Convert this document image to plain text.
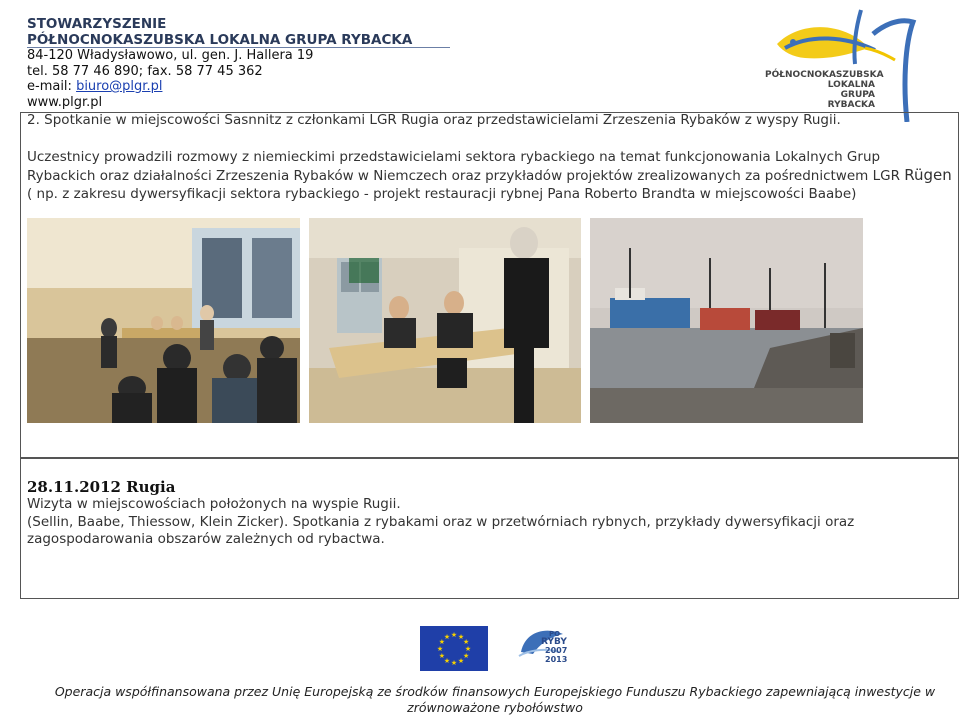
STOWARZYSZENIE
PÓŁNOCNOKASZUBSKA LOKALNA GRUPA RYBACKA
84-120 Władysławowo, ul. gen. J. Hallera 19
tel. 58 77 46 890; fax. 58 77 45 362
e-mail: biuro@plgr.pl
www.plgr.pl
PÓŁNOCNOKASZUBSKA
LOKALNA
GRUPA
RYBACKA
2. Spotkanie w miejscowości Sasnnitz z członkami LGR Rugia oraz przedstawicielami Zrzeszenia Rybaków z wyspy Rugii.
Uczestnicy prowadzili rozmowy z niemieckimi przedstawicielami sektora rybackiego na temat funkcjonowania Lokalnych Grup Rybackich oraz działalności Zrzeszenia Rybaków w Niemczech oraz przykładów projektów zrealizowanych za pośrednictwem LGR Rügen ( np. z zakresu dywersyfikacji sektora rybackiego - projekt restauracji rybnej Pana Roberto Brandta w miejscowości Baabe)
28.11.2012 Rugia
Wizyta w miejscowościach położonych na wyspie Rugii.
(Sellin, Baabe, Thiessow, Klein Zicker). Spotkania z rybakami oraz w przetwórniach rybnych, przykłady dywersyfikacji oraz zagospodarowania obszarów zależnych od rybactwa.
★
★
★
★
★
★
★
★
★ ★ ★
★
PO
RYBY
2007
2013
Operacja współfinansowana przez Unię Europejską ze środków finansowych Europejskiego Funduszu Rybackiego zapewniającą inwestycje w
zrównoważone rybołówstwo
